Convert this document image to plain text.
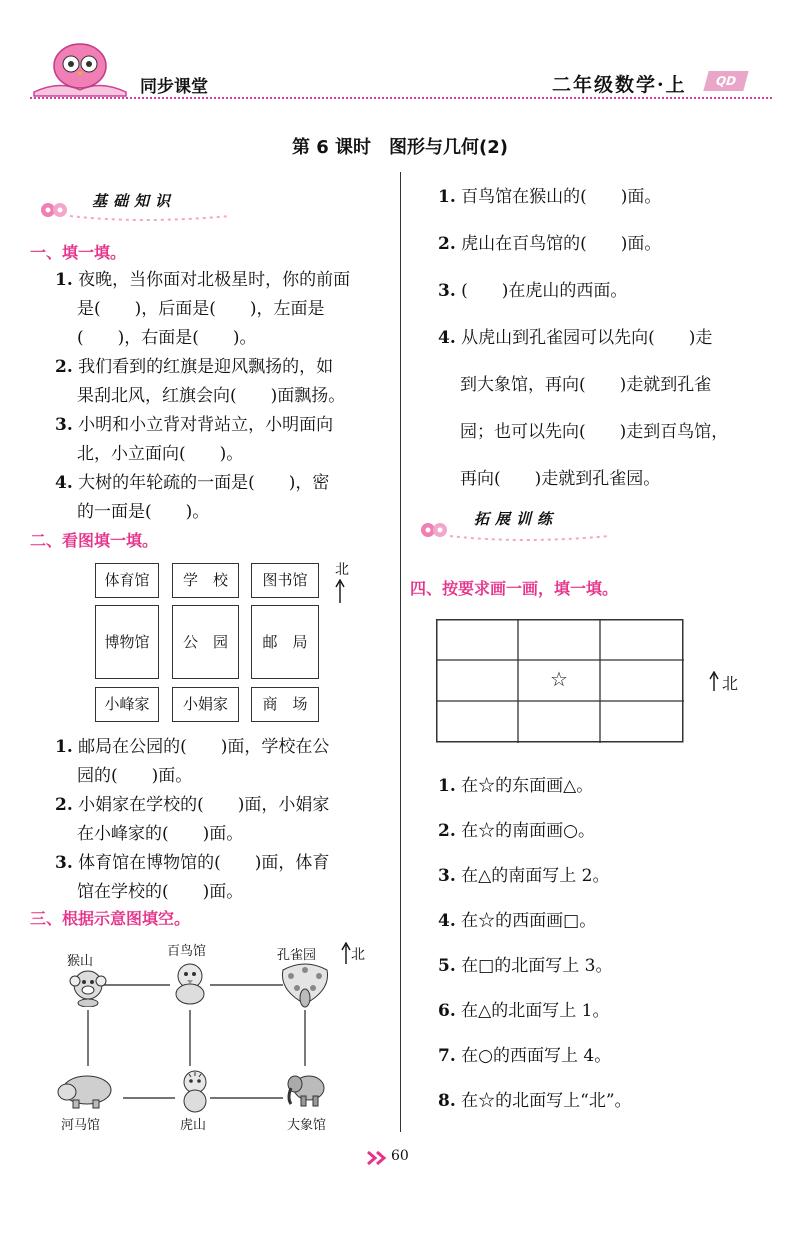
同步课堂	二年级数学·上	QD
第 6 课时　图形与几何(2)
基础知识
一、填一填。
1. 夜晚，当你面对北极星时，你的前面
是(　　)，后面是(　　)，左面是
(　　)，右面是(　　)。
2. 我们看到的红旗是迎风飘扬的，如
果刮北风，红旗会向(　　)面飘扬。
3. 小明和小立背对背站立，小明面向
北，小立面向(　　)。
4. 大树的年轮疏的一面是(　　)，密
的一面是(　　)。
二、看图填一填。
体育馆	学　校	图书馆
博物馆	公　园	邮　局
小峰家	小娟家	商　场
北
1. 邮局在公园的(　　)面，学校在公
园的(　　)面。
2. 小娟家在学校的(　　)面，小娟家
在小峰家的(　　)面。
3. 体育馆在博物馆的(　　)面，体育
馆在学校的(　　)面。
三、根据示意图填空。
猴山
百鸟馆	孔雀园
河马馆	虎山	大象馆
北
1. 百鸟馆在猴山的(　　)面。
2. 虎山在百鸟馆的(　　)面。
3. (　　)在虎山的西面。
4. 从虎山到孔雀园可以先向(　　)走
到大象馆，再向(　　)走就到孔雀
园；也可以先向(　　)走到百鸟馆，
再向(　　)走就到孔雀园。
拓展训练
四、按要求画一画，填一填。
☆	北
1. 在☆的东面画△。
2. 在☆的南面画○。
3. 在△的南面写上 2。
4. 在☆的西面画□。
5. 在□的北面写上 3。
6. 在△的北面写上 1。
7. 在○的西面写上 4。
8. 在☆的北面写上“北”。
60
